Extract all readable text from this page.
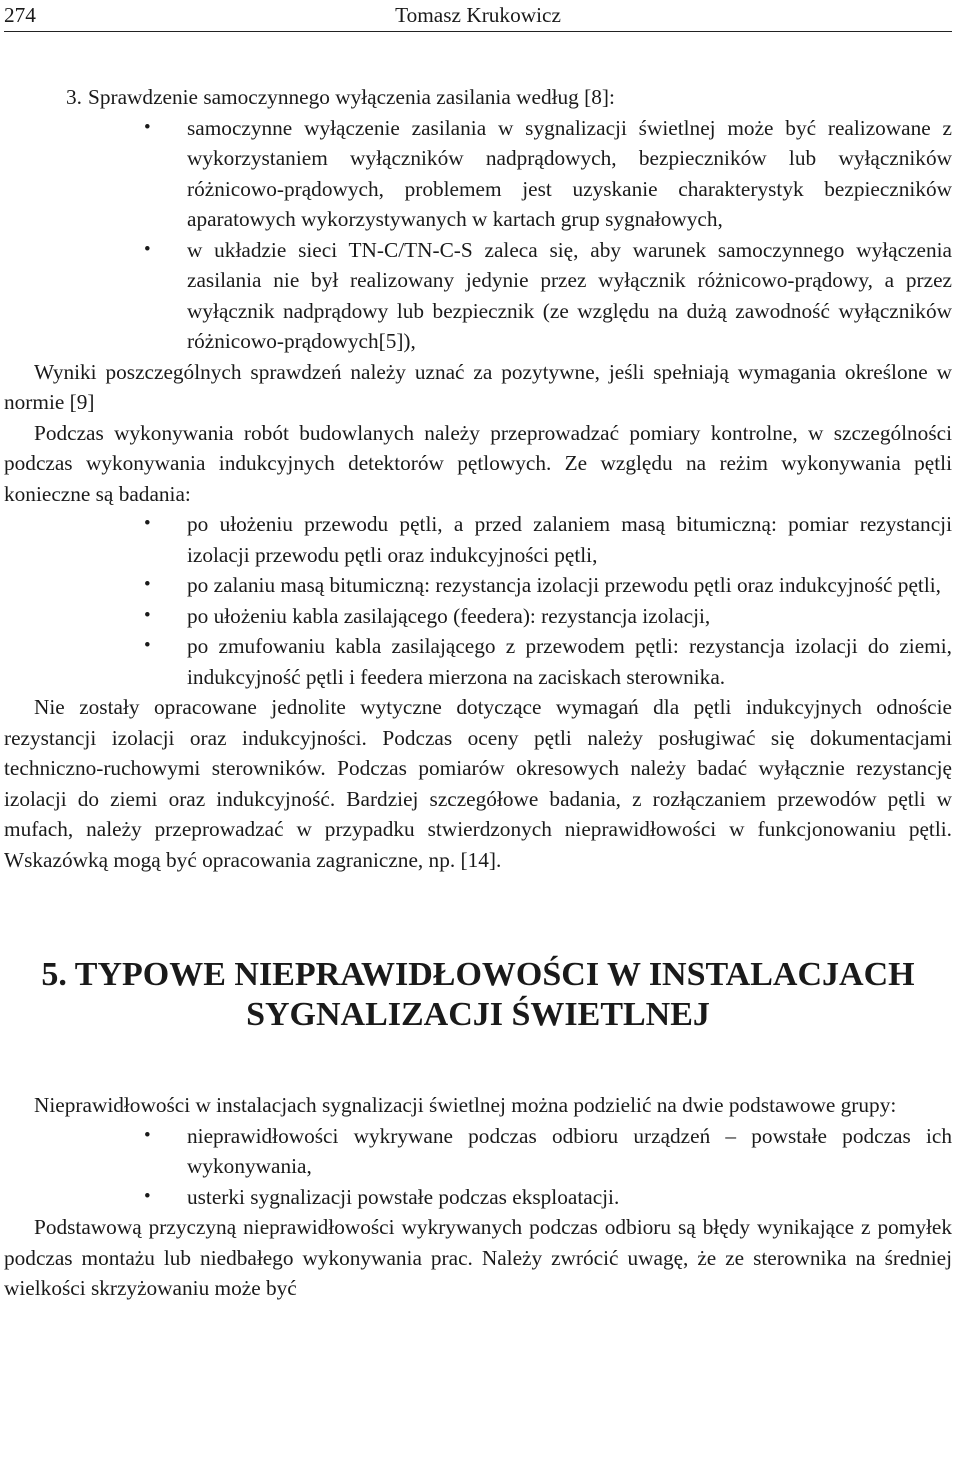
274	Tomasz Krukowicz

3. Sprawdzenie samoczynnego wyłączenia zasilania według [8]:

• samoczynne wyłączenie zasilania w sygnalizacji świetlnej może być realizowane z wykorzystaniem wyłączników nadprądowych, bezpieczników lub wyłączników różnicowo-prądowych, problemem jest uzyskanie charakterystyk bezpieczników aparatowych wykorzystywanych w kartach grup sygnałowych,
• w układzie sieci TN-C/TN-C-S zaleca się, aby warunek samoczynnego wyłączenia zasilania nie był realizowany jedynie przez wyłącznik różnicowo-prądowy, a przez wyłącznik nadprądowy lub bezpiecznik (ze względu na dużą zawodność wyłączników różnicowo-prądowych[5]),

Wyniki poszczególnych sprawdzeń należy uznać za pozytywne, jeśli spełniają wymagania określone w normie [9]

Podczas wykonywania robót budowlanych należy przeprowadzać pomiary kontrolne, w szczególności podczas wykonywania indukcyjnych detektorów pętlowych. Ze względu na reżim wykonywania pętli konieczne są badania:

• po ułożeniu przewodu pętli, a przed zalaniem masą bitumiczną: pomiar rezystancji izolacji przewodu pętli oraz indukcyjności pętli,
• po zalaniu masą bitumiczną: rezystancja izolacji przewodu pętli oraz indukcyjność pętli,
• po ułożeniu kabla zasilającego (feedera): rezystancja izolacji,
• po zmufowaniu kabla zasilającego z przewodem pętli: rezystancja izolacji do ziemi, indukcyjność pętli i feedera mierzona na zaciskach sterownika.

Nie zostały opracowane jednolite wytyczne dotyczące wymagań dla pętli indukcyjnych odnoście rezystancji izolacji oraz indukcyjności. Podczas oceny pętli należy posługiwać się dokumentacjami techniczno-ruchowymi sterowników. Podczas pomiarów okresowych należy badać wyłącznie rezystancję izolacji do ziemi oraz indukcyjność. Bardziej szczegółowe badania, z rozłączaniem przewodów pętli w mufach, należy przeprowadzać w przypadku stwierdzonych nieprawidłowości w funkcjonowaniu pętli. Wskazówką mogą być opracowania zagraniczne, np. [14].

5. TYPOWE NIEPRAWIDŁOWOŚCI W INSTALACJACH
SYGNALIZACJI ŚWIETLNEJ

Nieprawidłowości w instalacjach sygnalizacji świetlnej można podzielić na dwie podstawowe grupy:

• nieprawidłowości wykrywane podczas odbioru urządzeń – powstałe podczas ich wykonywania,
• usterki sygnalizacji powstałe podczas eksploatacji.

Podstawową przyczyną nieprawidłowości wykrywanych podczas odbioru są błędy wynikające z pomyłek podczas montażu lub niedbałego wykonywania prac. Należy zwrócić uwagę, że ze sterownika na średniej wielkości skrzyżowaniu może być
